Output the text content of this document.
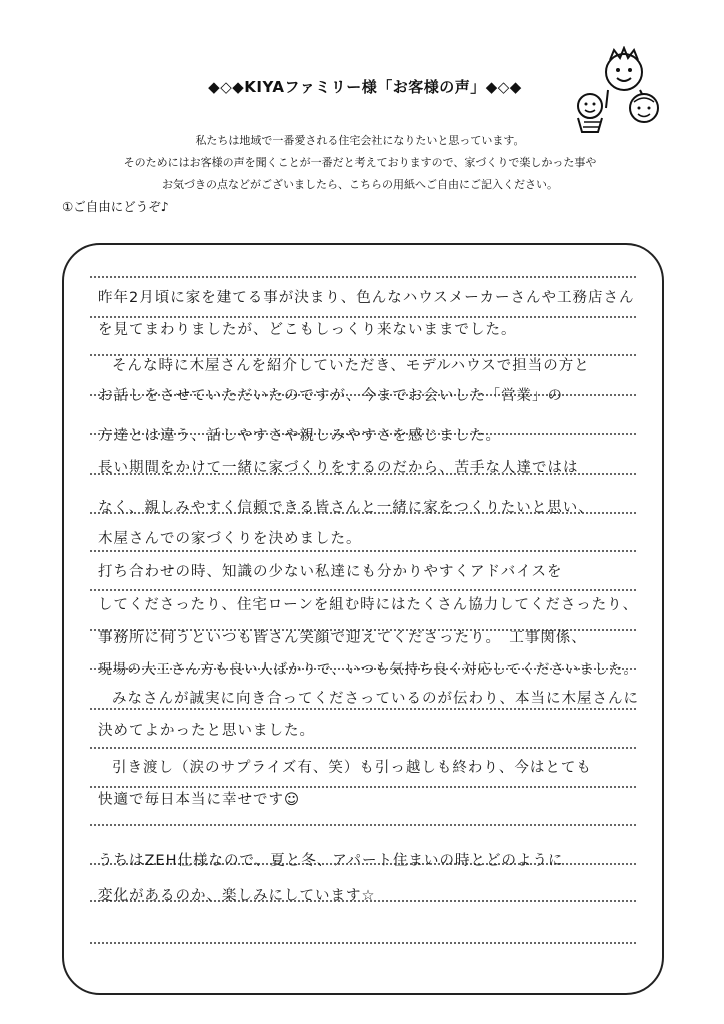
◆◇◆KIYAファミリー様「お客様の声」◆◇◆
私たちは地域で一番愛される住宅会社になりたいと思っています。
そのためにはお客様の声を聞くことが一番だと考えておりますので、家づくりで楽しかった事や
お気づきの点などがございましたら、こちらの用紙へご自由にご記入ください。
①ご自由にどうぞ♪
昨年2月頃に家を建てる事が決まり、色んなハウスメーカーさんや工務店さん
を見てまわりましたが、どこもしっくり来ないままでした。
そんな時に木屋さんを紹介していただき、モデルハウスで担当の方と
お話しをさせていただいたのですが、今までお会いした「営業」の
方達とは違う、話しやすさや親しみやすさを感じました。
長い期間をかけて一緒に家づくりをするのだから、苦手な人達ではは
なく、親しみやすく信頼できる皆さんと一緒に家をつくりたいと思い、
木屋さんでの家づくりを決めました。
打ち合わせの時、知識の少ない私達にも分かりやすくアドバイスを
してくださったり、住宅ローンを組む時にはたくさん協力してくださったり、
事務所に伺うといつも皆さん笑顔で迎えてくださったり。　工事関係、
現場の大工さん方も良い人ばかりで、いつも気持ち良く対応してくださいました。
みなさんが誠実に向き合ってくださっているのが伝わり、本当に木屋さんに
決めてよかったと思いました。
引き渡し（涙のサプライズ有、笑）も引っ越しも終わり、今はとても
快適で毎日本当に幸せです☺
うちはZEH仕様なので、夏と冬、アパート住まいの時とどのように
変化があるのか、楽しみにしています☆
